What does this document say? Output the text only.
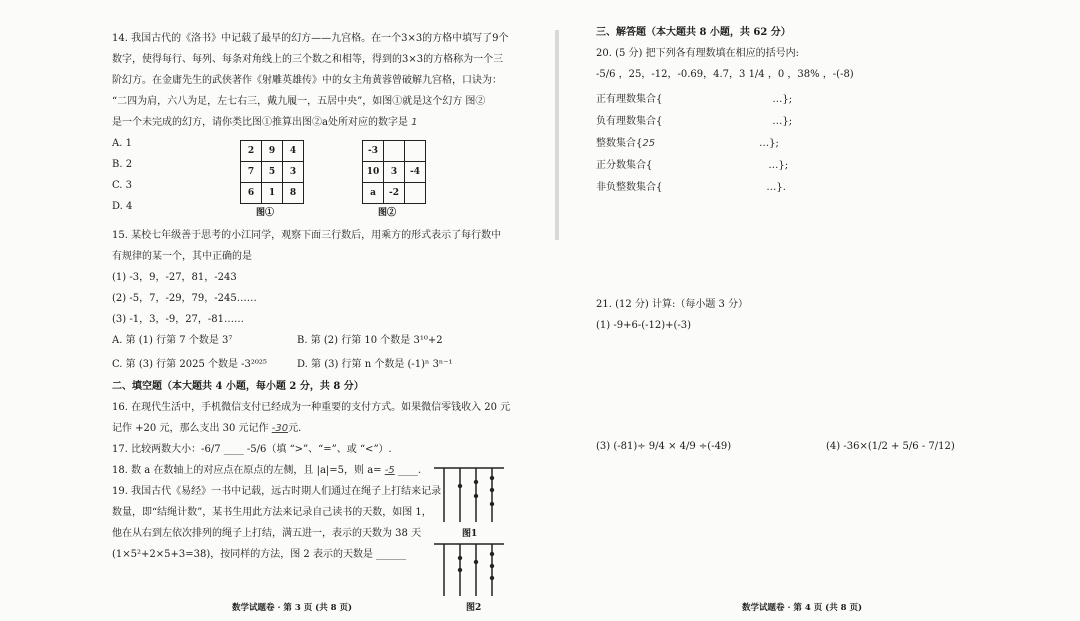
14. 我国古代的《洛书》中记载了最早的幻方——九宫格。在一个3×3的方格中填写了9个
数字，使得每行、每列、每条对角线上的三个数之和相等，得到的3×3的方格称为一个三
阶幻方。在金庸先生的武侠著作《射雕英雄传》中的女主角黄蓉曾破解九宫格，口诀为：
“二四为肩，六八为足，左七右三，戴九履一，五居中央”，如图①就是这个幻方 图②
是一个未完成的幻方，请你类比图①推算出图②a处所对应的数字是 1
A. 1
B. 2
C. 3
D. 4
15. 某校七年级善于思考的小江同学，观察下面三行数后，用乘方的形式表示了每行数中
有规律的某一个，其中正确的是
(1) -3，9，-27，81，-243
(2) -5，7，-29，79，-245……
(3) -1，3，-9，27，-81……
A. 第 (1) 行第 7 个数是 3⁷	B. 第 (2) 行第 10 个数是 3¹⁰+2
C. 第 (3) 行第 2025 个数是 -3²⁰²⁵	D. 第 (3) 行第 n 个数是 (-1)ⁿ 3ⁿ⁻¹
二、填空题（本大题共 4 小题，每小题 2 分，共 8 分）
16. 在现代生活中，手机微信支付已经成为一种重要的支付方式。如果微信零钱收入 20 元
记作 +20 元，那么支出 30 元记作 -30元.
17. 比较两数大小：-6/7 ____ -5/6（填 “>”、“=”、或 “<”）.
18. 数 a 在数轴上的对应点在原点的左侧，且 |a|=5，则 a= -5 ____.
19. 我国古代《易经》一书中记载，远古时期人们通过在绳子上打结来记录
数量，即“结绳计数”，某书生用此方法来记录自己读书的天数，如图 1，
他在从右到左依次排列的绳子上打结，满五进一，表示的天数为 38 天
(1×5²+2×5+3=38)，按同样的方法，图 2 表示的天数是 ______
2	9	4
7	5	3
6	1	8
图①
-3		
10	3	-4
a	-2	
图②
图1
图2
数学试题卷 · 第 3 页 (共 8 页)
三、解答题（本大题共 8 小题，共 62 分）
20. (5 分) 把下列各有理数填在相应的括号内:
-5/6 ，25，-12，-0.69，4.7，3 1/4 ，0 ，38% ，-(-8)
正有理数集合{	…};
负有理数集合{	…};
整数集合{25	…};
正分数集合{	…};
非负整数集合{	…}.
21. (12 分) 计算:（每小题 3 分）
(1) -9+6-(-12)+(-3)
(3) (-81)÷ 9/4 × 4/9 ÷(-49)	(4) -36×(1/2 + 5/6 - 7/12)
数学试题卷 · 第 4 页 (共 8 页)
